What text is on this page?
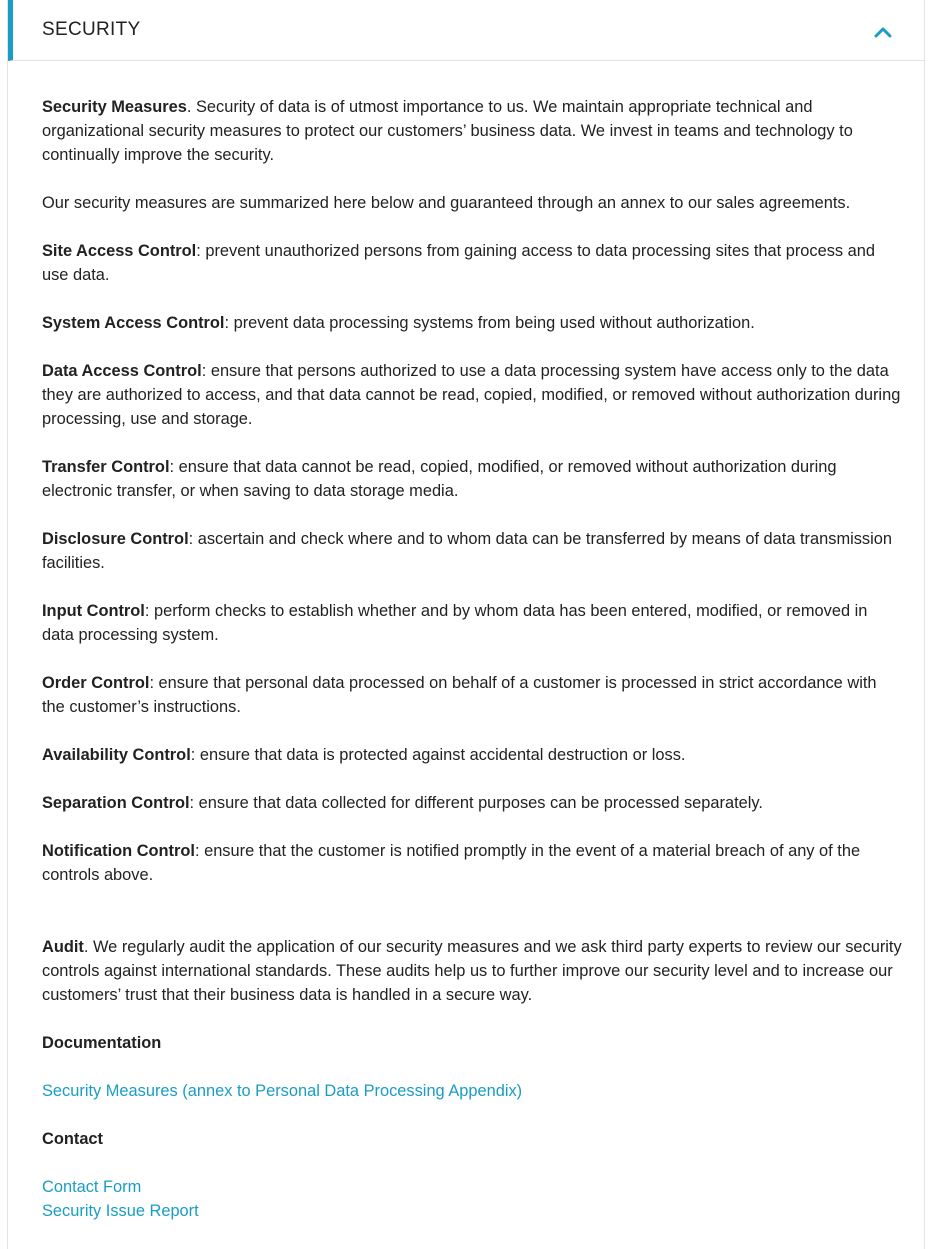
SECURITY

Security Measures. Security of data is of utmost importance to us. We maintain appropriate technical and organizational security measures to protect our customers’ business data. We invest in teams and technology to continually improve the security.

Our security measures are summarized here below and guaranteed through an annex to our sales agreements.

Site Access Control: prevent unauthorized persons from gaining access to data processing sites that process and use data.

System Access Control: prevent data processing systems from being used without authorization.

Data Access Control: ensure that persons authorized to use a data processing system have access only to the data they are authorized to access, and that data cannot be read, copied, modified, or removed without authorization during processing, use and storage.

Transfer Control: ensure that data cannot be read, copied, modified, or removed without authorization during electronic transfer, or when saving to data storage media.

Disclosure Control: ascertain and check where and to whom data can be transferred by means of data transmission facilities.

Input Control: perform checks to establish whether and by whom data has been entered, modified, or removed in data processing system.

Order Control: ensure that personal data processed on behalf of a customer is processed in strict accordance with the customer’s instructions.

Availability Control: ensure that data is protected against accidental destruction or loss.

Separation Control: ensure that data collected for different purposes can be processed separately.

Notification Control: ensure that the customer is notified promptly in the event of a material breach of any of the controls above.

Audit. We regularly audit the application of our security measures and we ask third party experts to review our security controls against international standards. These audits help us to further improve our security level and to increase our customers’ trust that their business data is handled in a secure way.

Documentation
Security Measures (annex to Personal Data Processing Appendix)
Contact
Contact Form
Security Issue Report
